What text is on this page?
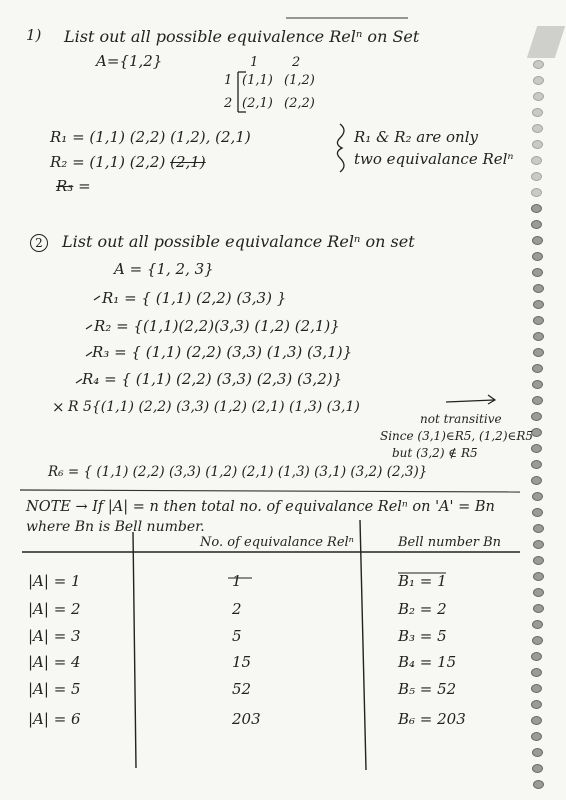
1) List out all possible equivalence Relⁿ on Set
A={1,2}	1	2
1 (1,1) (1,2)
2 (2,1) (2,2)
R₁ = (1,1) (2,2) (1,2), (2,1)
R₂ = (1,1) (2,2) (2,1)
R₃ =
R₁ & R₂ are only
two equivalance Relⁿ
2	List out all possible equivalance Relⁿ on set
A = {1, 2, 3}
R₁ = { (1,1) (2,2) (3,3) }
R₂ = {(1,1)(2,2)(3,3) (1,2) (2,1)}
R₃ = { (1,1) (2,2) (3,3) (1,3) (3,1)}
R₄ = { (1,1) (2,2) (3,3) (2,3) (3,2)}
× R 5{(1,1) (2,2) (3,3) (1,2) (2,1) (1,3) (3,1)
not transitive
Since (3,1)∈R5, (1,2)∈R5
but (3,2) ∉ R5
R₆ = { (1,1) (2,2) (3,3) (1,2) (2,1) (1,3) (3,1) (3,2) (2,3)}
NOTE → If |A| = n then total no. of equivalance Relⁿ on 'A' = Bn
where Bn is Bell number.
No. of equivalance Relⁿ	Bell number Bn
|A| = 1	1	B₁ = 1
|A| = 2	2	B₂ = 2
|A| = 3	5	B₃ = 5
|A| = 4	15	B₄ = 15
|A| = 5	52	B₅ = 52
|A| = 6	203	B₆ = 203
